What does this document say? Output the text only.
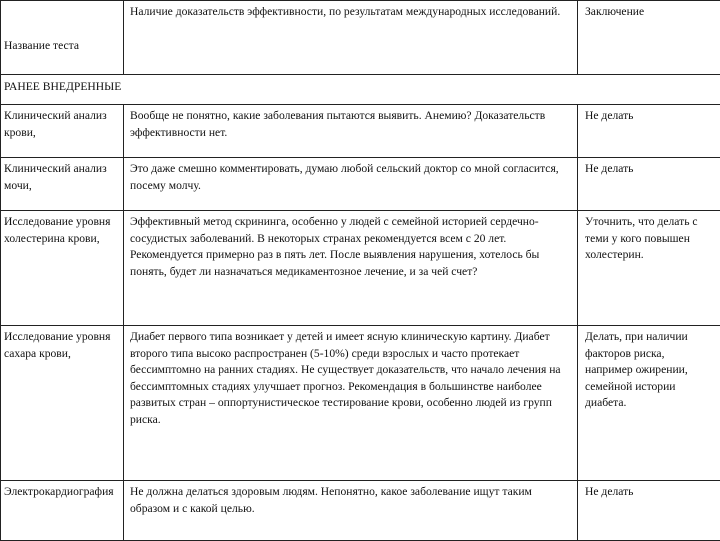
Название теста	Наличие доказательств эффективности, по результатам международных исследований.	Заключение
РАНЕЕ ВНЕДРЕННЫЕ		
Клинический анализ крови,	Вообще не понятно, какие заболевания пытаются выявить. Анемию? Доказательств эффективности нет.	Не делать
Клинический анализ мочи,	Это даже смешно комментировать, думаю любой сельский доктор со мной согласится, посему молчу.	Не делать
Исследование уровня холестерина крови,	Эффективный метод скрининга, особенно у людей с семейной историей сердечно-сосудистых заболеваний. В некоторых странах рекомендуется всем с 20 лет. Рекомендуется примерно раз в пять лет. После выявления нарушения, хотелось бы понять, будет ли назначаться медикаментозное лечение, и за чей счет?	Уточнить, что делать с теми у кого повышен холестерин.
Исследование уровня сахара крови,	Диабет первого типа возникает у детей и имеет ясную клиническую картину. Диабет второго типа высоко распространен (5-10%) среди взрослых и часто протекает бессимптомно на ранних стадиях. Не существует доказательств, что начало лечения на бессимптомных стадиях улучшает прогноз. Рекомендация в большинстве наиболее развитых стран – оппортунистическое тестирование крови, особенно людей из групп риска.	Делать, при наличии факторов риска, например ожирении, семейной истории диабета.
Электрокардиография	Не должна делаться здоровым людям. Непонятно, какое заболевание ищут таким образом и с какой целью.	Не делать
